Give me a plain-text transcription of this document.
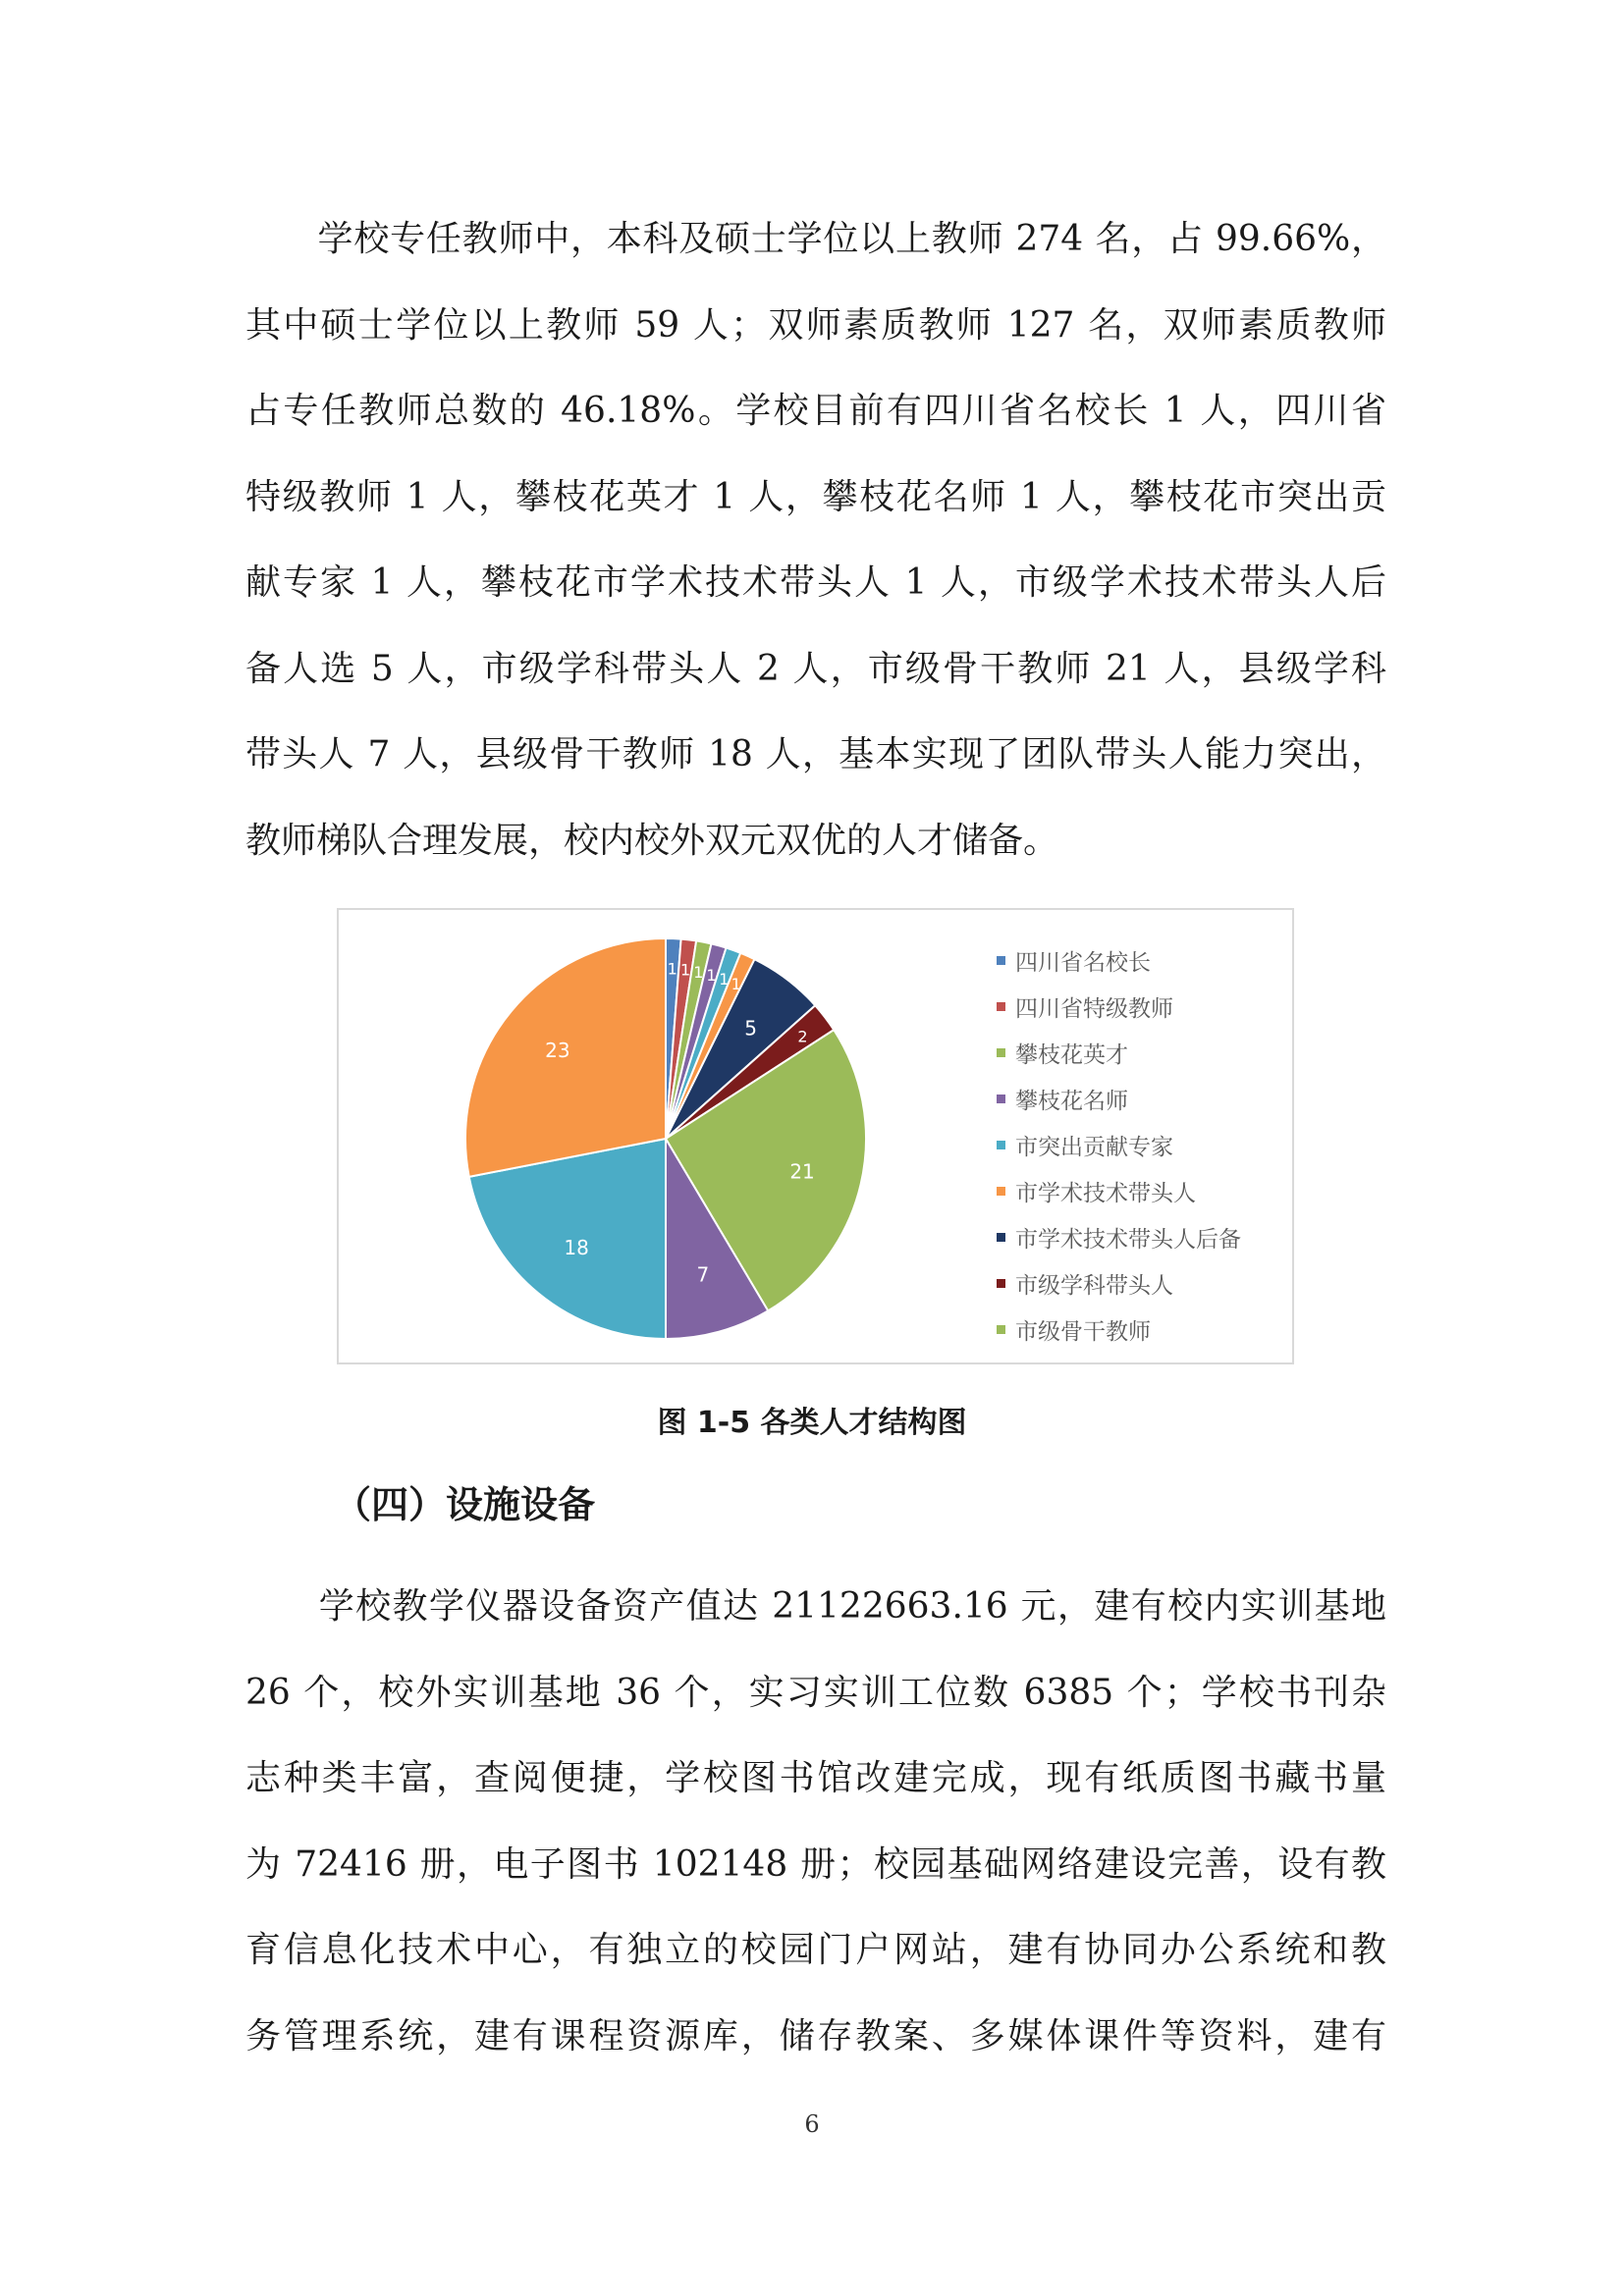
　　学校专任教师中，本科及硕士学位以上教师 274 名，占 99.66%，
其中硕士学位以上教师 59 人；双师素质教师 127 名，双师素质教师
占专任教师总数的 46.18%。学校目前有四川省名校长 1 人，四川省
特级教师 1 人，攀枝花英才 1 人，攀枝花名师 1 人，攀枝花市突出贡
献专家 1 人，攀枝花市学术技术带头人 1 人，市级学术技术带头人后
备人选 5 人，市级学科带头人 2 人，市级骨干教师 21 人，县级学科
带头人 7 人，县级骨干教师 18 人，基本实现了团队带头人能力突出，
教师梯队合理发展，校内校外双元双优的人才储备。
1 1 1 1 1 1
5	2
21
7
18
23
四川省名校长
四川省特级教师
攀枝花英才
攀枝花名师
市突出贡献专家
市学术技术带头人
市学术技术带头人后备
市级学科带头人
市级骨干教师
图 1-5 各类人才结构图
（四）设施设备
　　学校教学仪器设备资产值达 21122663.16 元，建有校内实训基地
26 个，校外实训基地 36 个，实习实训工位数 6385 个；学校书刊杂
志种类丰富，查阅便捷，学校图书馆改建完成，现有纸质图书藏书量
为 72416 册，电子图书 102148 册；校园基础网络建设完善，设有教
育信息化技术中心，有独立的校园门户网站，建有协同办公系统和教
务管理系统，建有课程资源库，储存教案、多媒体课件等资料，建有
6
